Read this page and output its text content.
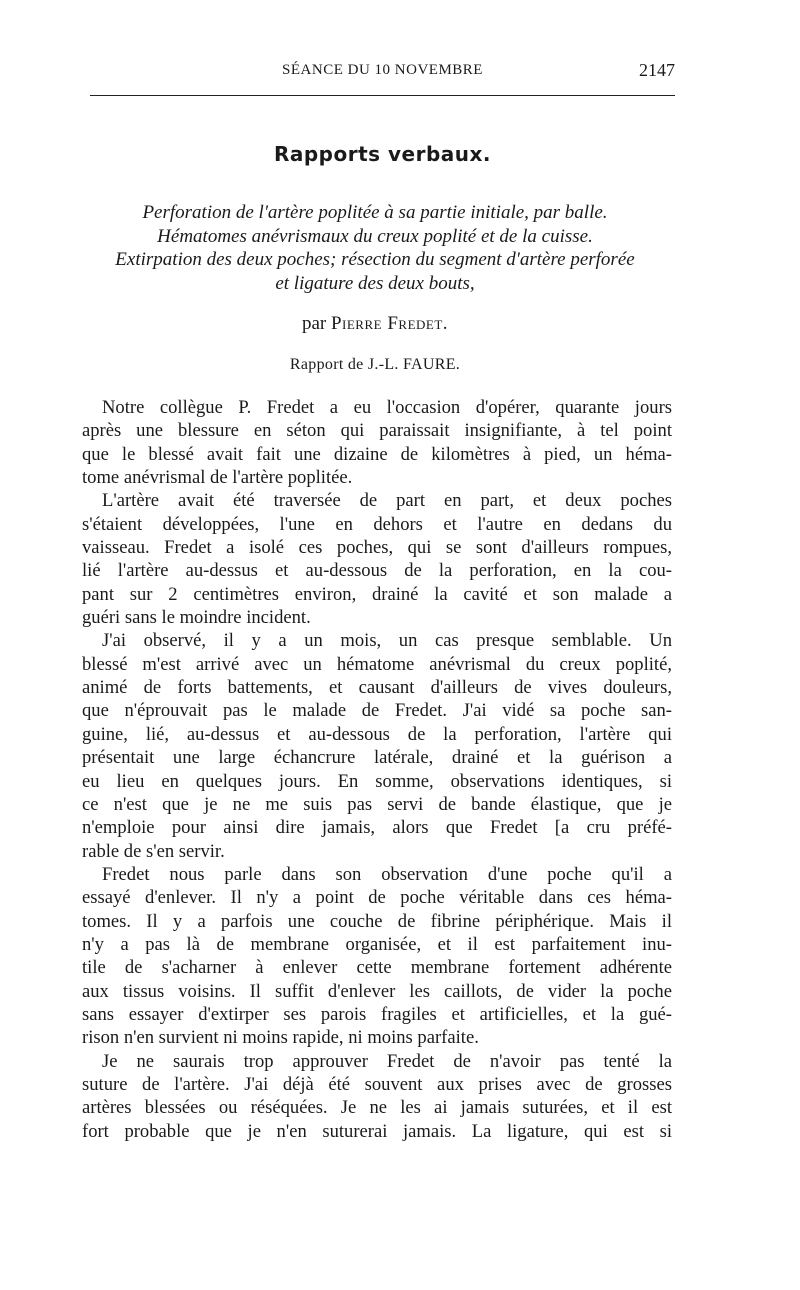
SÉANCE DU 10 NOVEMBRE	2147
Rapports verbaux.
Perforation de l'artère poplitée à sa partie initiale, par balle.
Hématomes anévrismaux du creux poplité et de la cuisse.
Extirpation des deux poches; résection du segment d'artère perforée
et ligature des deux bouts,
par Pierre Fredet.
Rapport de J.-L. FAURE.
Notre collègue P. Fredet a eu l'occasion d'opérer, quarante jours
après une blessure en séton qui paraissait insignifiante, à tel point
que le blessé avait fait une dizaine de kilomètres à pied, un héma-
tome anévrismal de l'artère poplitée.
L'artère avait été traversée de part en part, et deux poches
s'étaient développées, l'une en dehors et l'autre en dedans du
vaisseau. Fredet a isolé ces poches, qui se sont d'ailleurs rompues,
lié l'artère au-dessus et au-dessous de la perforation, en la cou-
pant sur 2 centimètres environ, drainé la cavité et son malade a
guéri sans le moindre incident.
J'ai observé, il y a un mois, un cas presque semblable. Un
blessé m'est arrivé avec un hématome anévrismal du creux poplité,
animé de forts battements, et causant d'ailleurs de vives douleurs,
que n'éprouvait pas le malade de Fredet. J'ai vidé sa poche san-
guine, lié, au-dessus et au-dessous de la perforation, l'artère qui
présentait une large échancrure latérale, drainé et la guérison a
eu lieu en quelques jours. En somme, observations identiques, si
ce n'est que je ne me suis pas servi de bande élastique, que je
n'emploie pour ainsi dire jamais, alors que Fredet [a cru préfé-
rable de s'en servir.
Fredet nous parle dans son observation d'une poche qu'il a
essayé d'enlever. Il n'y a point de poche véritable dans ces héma-
tomes. Il y a parfois une couche de fibrine périphérique. Mais il
n'y a pas là de membrane organisée, et il est parfaitement inu-
tile de s'acharner à enlever cette membrane fortement adhérente
aux tissus voisins. Il suffit d'enlever les caillots, de vider la poche
sans essayer d'extirper ses parois fragiles et artificielles, et la gué-
rison n'en survient ni moins rapide, ni moins parfaite.
Je ne saurais trop approuver Fredet de n'avoir pas tenté la
suture de l'artère. J'ai déjà été souvent aux prises avec de grosses
artères blessées ou réséquées. Je ne les ai jamais suturées, et il est
fort probable que je n'en suturerai jamais. La ligature, qui est si
